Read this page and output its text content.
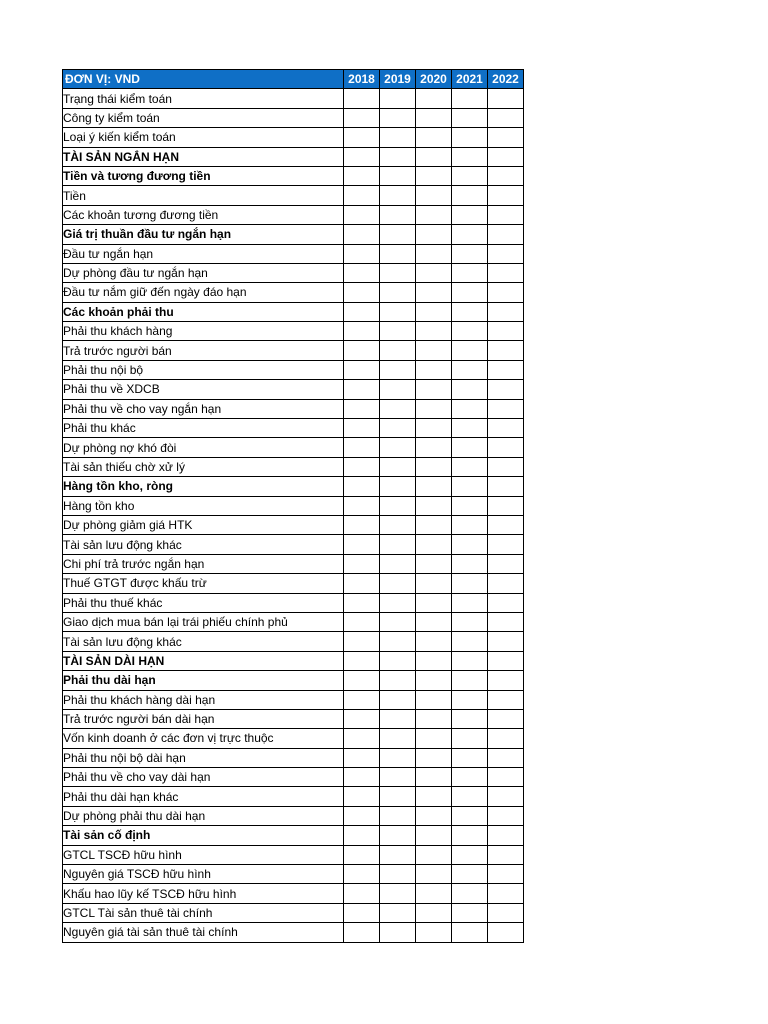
ĐƠN VỊ: VND	2018	2019	2020	2021	2022
Trạng thái kiểm toán					
Công ty kiểm toán					
Loại ý kiến kiểm toán					
TÀI SẢN NGẮN HẠN					
Tiền và tương đương tiền					
Tiền					
Các khoản tương đương tiền					
Giá trị thuần đầu tư ngắn hạn					
Đầu tư ngắn hạn					
Dự phòng đầu tư ngắn hạn					
Đầu tư nắm giữ đến ngày đáo hạn					
Các khoản phải thu					
Phải thu khách hàng					
Trả trước người bán					
Phải thu nội bộ					
Phải thu về XDCB					
Phải thu về cho vay ngắn hạn					
Phải thu khác					
Dự phòng nợ khó đòi					
Tài sản thiếu chờ xử lý					
Hàng tồn kho, ròng					
Hàng tồn kho					
Dự phòng giảm giá HTK					
Tài sản lưu động khác					
Chi phí trả trước ngắn hạn					
Thuế GTGT được khấu trừ					
Phải thu thuế khác					
Giao dịch mua bán lại trái phiếu chính phủ					
Tài sản lưu động khác					
TÀI SẢN DÀI HẠN					
Phải thu dài hạn					
Phải thu khách hàng dài hạn					
Trả trước người bán dài hạn					
Vốn kinh doanh ở các đơn vị trực thuộc					
Phải thu nội bộ dài hạn					
Phải thu về cho vay dài hạn					
Phải thu dài hạn khác					
Dự phòng phải thu dài hạn					
Tài sản cố định					
GTCL TSCĐ hữu hình					
Nguyên giá TSCĐ hữu hình					
Khấu hao lũy kế TSCĐ hữu hình					
GTCL Tài sản thuê tài chính					
Nguyên giá tài sản thuê tài chính					
